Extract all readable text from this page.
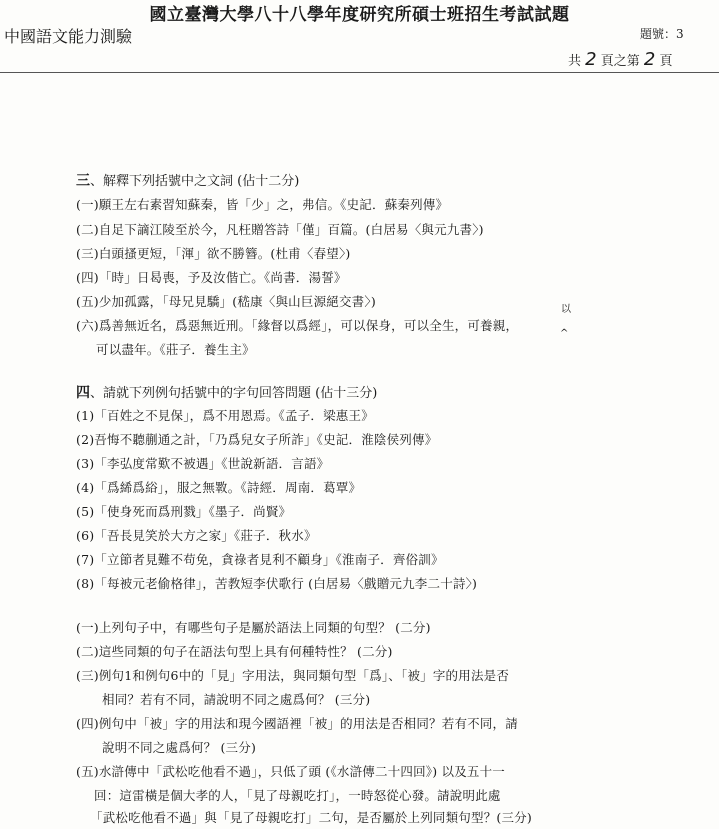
國立臺灣大學八十八學年度研究所碩士班招生考試試題
中國語文能力測驗	題號：3
共 2 頁之第 2 頁
三、解釋下列括號中之文詞 (佔十二分)
(一)願王左右素習知蘇秦，皆「少」之，弗信。《史記．蘇秦列傳》
(二)自足下謫江陵至於今，凡枉贈答詩「僅」百篇。(白居易〈與元九書〉)
(三)白頭搔更短，「渾」欲不勝簪。(杜甫〈春望〉)
(四)「時」日曷喪，予及汝偕亡。《尚書．湯誓》
(五)少加孤露，「母兄見驕」(嵇康〈與山巨源絕交書〉)
以
(六)爲善無近名，爲惡無近刑。「緣督以爲經」，可以保身，可以全生，可養親，
^
可以盡年。《莊子．養生主》
四、請就下列例句括號中的字句回答問題 (佔十三分)
(1)「百姓之不見保」，爲不用恩焉。《孟子．梁惠王》
(2)吾悔不聽蒯通之計，「乃爲兒女子所詐」《史記．淮陰侯列傳》
(3)「李弘度常歎不被遇」《世說新語．言語》
(4)「爲絺爲綌」，服之無斁。《詩經．周南．葛覃》
(5)「使身死而爲刑戮」《墨子．尚賢》
(6)「吾長見笑於大方之家」《莊子．秋水》
(7)「立節者見難不苟免，貪祿者見利不顧身」《淮南子．齊俗訓》
(8)「每被元老偷格律」，苦教短李伏歌行 (白居易〈戲贈元九李二十詩〉)
(一)上列句子中，有哪些句子是屬於語法上同類的句型？ (二分)
(二)這些同類的句子在語法句型上具有何種特性？ (二分)
(三)例句1和例句6中的「見」字用法，與同類句型「爲」、「被」字的用法是否
相同？若有不同，請說明不同之處爲何？ (三分)
(四)例句中「被」字的用法和現今國語裡「被」的用法是否相同？若有不同，請
說明不同之處爲何？ (三分)
(五)水滸傳中「武松吃他看不過」，只低了頭 (《水滸傳二十四回》) 以及五十一
回：這雷橫是個大孝的人，「見了母親吃打」，一時怒從心發。請說明此處
「武松吃他看不過」與「見了母親吃打」二句，是否屬於上列同類句型？(三分)
